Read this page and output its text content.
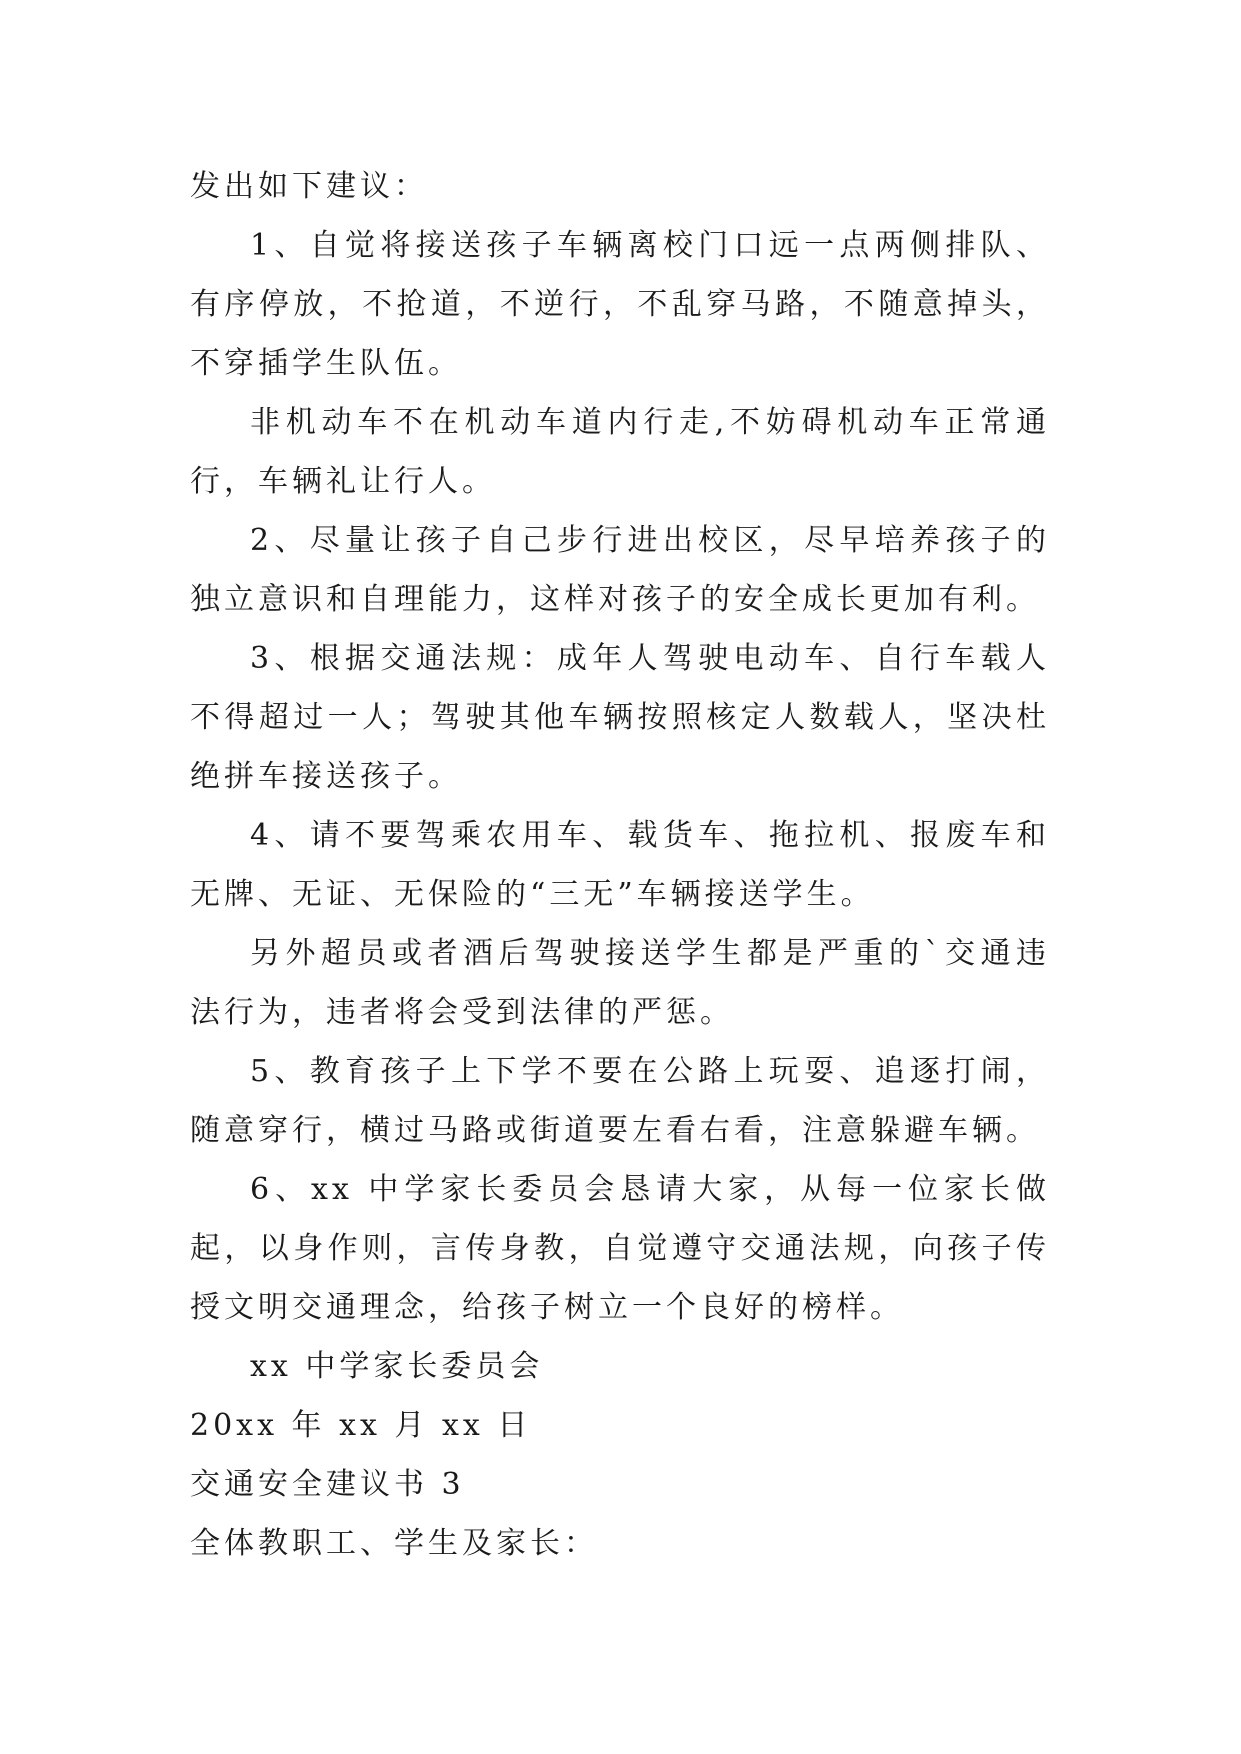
发出如下建议：

1、自觉将接送孩子车辆离校门口远一点两侧排队、有序停放，不抢道，不逆行，不乱穿马路，不随意掉头，不穿插学生队伍。

非机动车不在机动车道内行走,不妨碍机动车正常通行，车辆礼让行人。

2、尽量让孩子自己步行进出校区，尽早培养孩子的独立意识和自理能力，这样对孩子的安全成长更加有利。

3、根据交通法规：成年人驾驶电动车、自行车载人不得超过一人；驾驶其他车辆按照核定人数载人，坚决杜绝拼车接送孩子。

4、请不要驾乘农用车、载货车、拖拉机、报废车和无牌、无证、无保险的“三无”车辆接送学生。

另外超员或者酒后驾驶接送学生都是严重的`交通违法行为，违者将会受到法律的严惩。

5、教育孩子上下学不要在公路上玩耍、追逐打闹，随意穿行，横过马路或街道要左看右看，注意躲避车辆。

6、xx 中学家长委员会恳请大家，从每一位家长做起，以身作则，言传身教，自觉遵守交通法规，向孩子传授文明交通理念，给孩子树立一个良好的榜样。

xx 中学家长委员会

20xx 年 xx 月 xx 日

交通安全建议书 3

全体教职工、学生及家长：
